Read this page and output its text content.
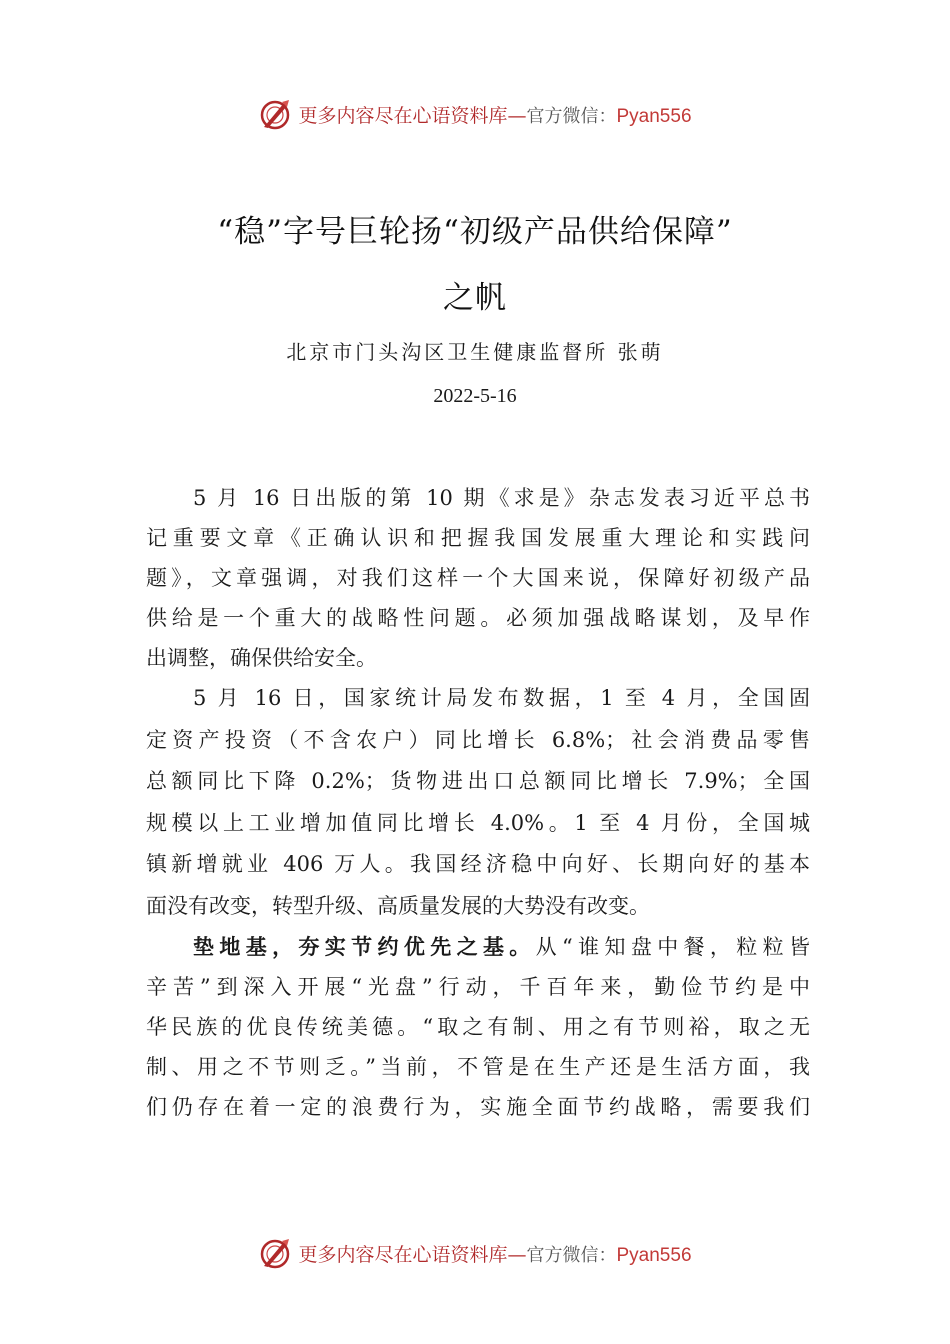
更多内容尽在心语资料库—官方微信：Pyan556
“稳”字号巨轮扬“初级产品供给保障”
之帆
北京市门头沟区卫生健康监督所 张萌
2022-5-16
5 月 16 日出版的第 10 期《求是》杂志发表习近平总书
记重要文章《正确认识和把握我国发展重大理论和实践问
题》，文章强调，对我们这样一个大国来说，保障好初级产品
供给是一个重大的战略性问题。必须加强战略谋划，及早作
出调整，确保供给安全。
5 月 16 日，国家统计局发布数据，1 至 4 月，全国固
定资产投资（不含农户）同比增长 6.8%；社会消费品零售
总额同比下降 0.2%；货物进出口总额同比增长 7.9%；全国
规模以上工业增加值同比增长 4.0%。1 至 4 月份，全国城
镇新增就业 406 万人。我国经济稳中向好、长期向好的基本
面没有改变，转型升级、高质量发展的大势没有改变。
垫地基，夯实节约优先之基。从“谁知盘中餐，粒粒皆
辛苦”到深入开展“光盘”行动，千百年来，勤俭节约是中
华民族的优良传统美德。“取之有制、用之有节则裕，取之无
制、用之不节则乏。”当前，不管是在生产还是生活方面，我
们仍存在着一定的浪费行为，实施全面节约战略，需要我们
更多内容尽在心语资料库—官方微信：Pyan556
